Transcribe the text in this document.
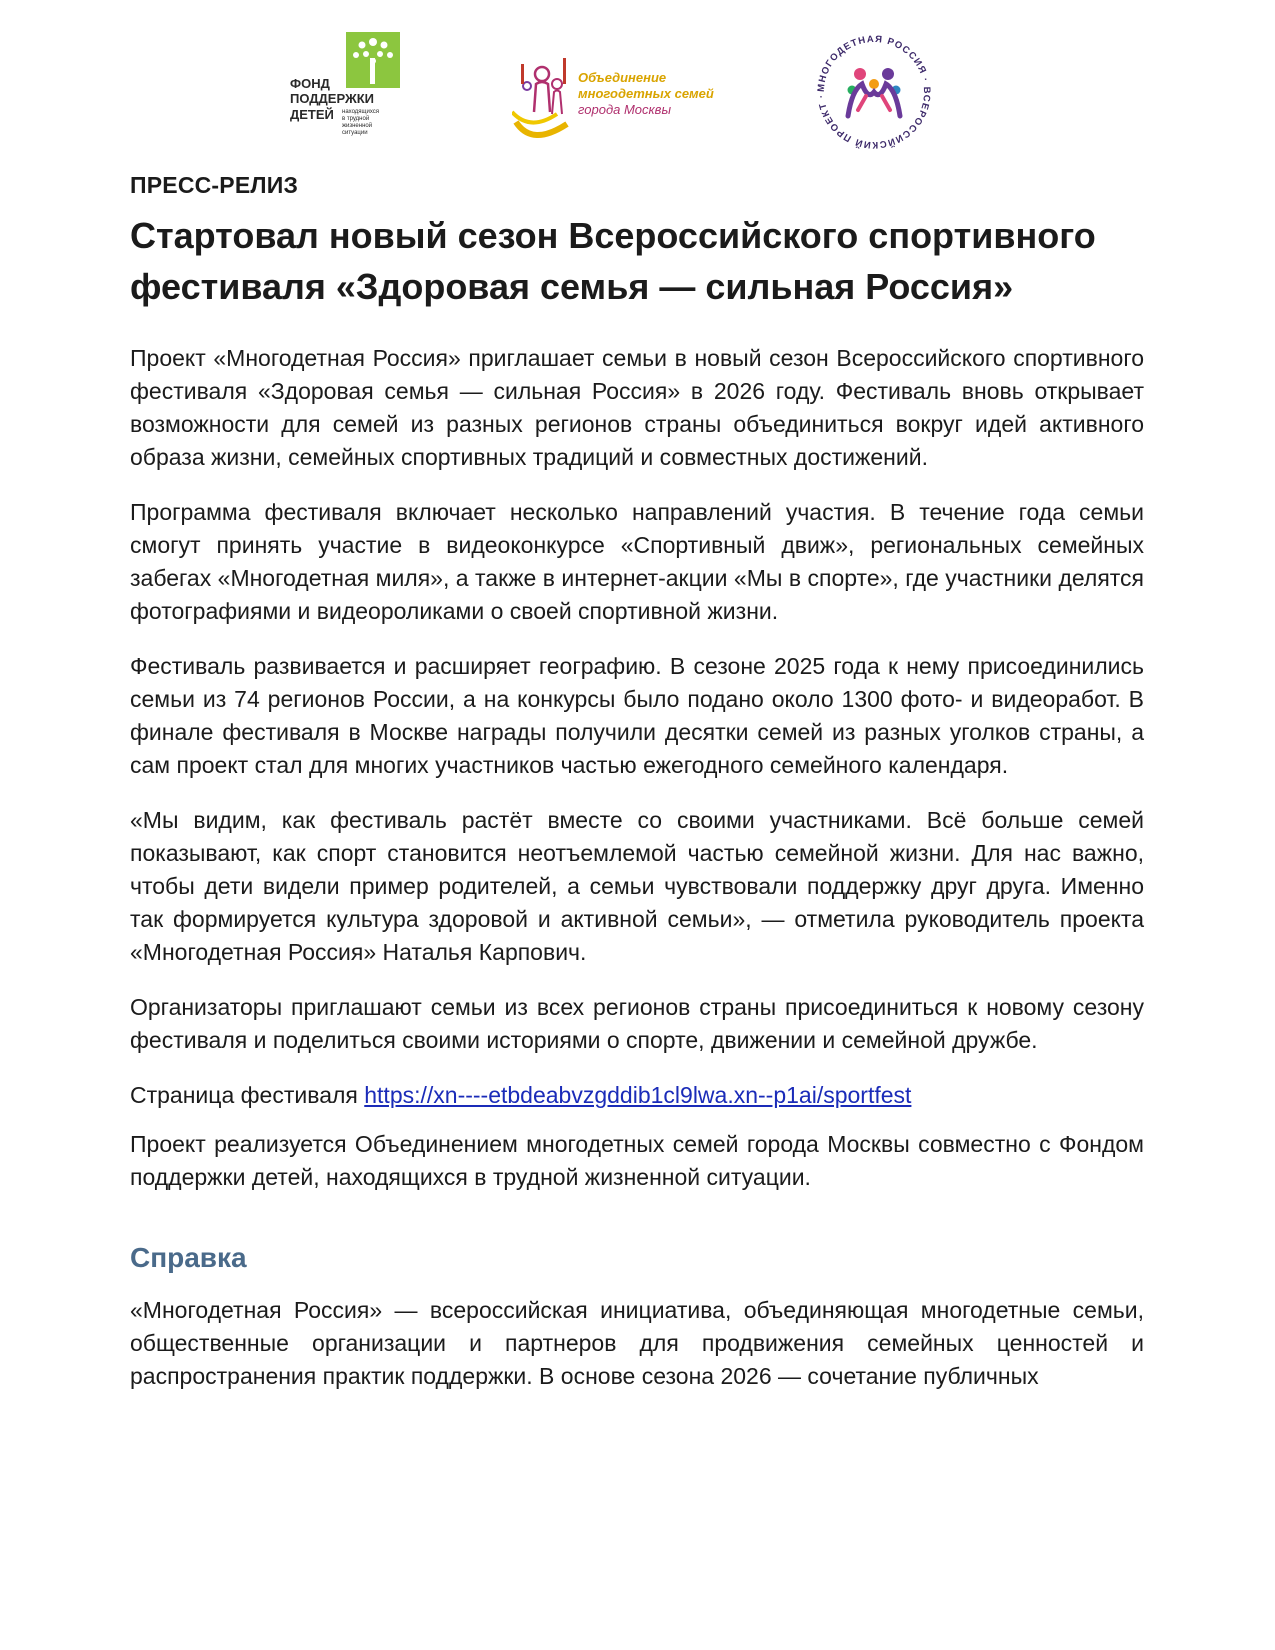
ФОНД
ПОДДЕРЖКИ
ДЕТЕЙ находящихся
в трудной
жизненной
ситуации
Объединение
многодетных семей
города Москвы
МНОГОДЕТНАЯ РОССИЯ · ВСЕРОССИЙСКИЙ ПРОЕКТ ·

ПРЕСС-РЕЛИЗ

Стартовал новый сезон Всероссийского спортивного фестиваля «Здоровая семья — сильная Россия»

Проект «Многодетная Россия» приглашает семьи в новый сезон Всероссийского спортивного фестиваля «Здоровая семья — сильная Россия» в 2026 году. Фестиваль вновь открывает возможности для семей из разных регионов страны объединиться вокруг идей активного образа жизни, семейных спортивных традиций и совместных достижений.

Программа фестиваля включает несколько направлений участия. В течение года семьи смогут принять участие в видеоконкурсе «Спортивный движ», региональных семейных забегах «Многодетная миля», а также в интернет-акции «Мы в спорте», где участники делятся фотографиями и видеороликами о своей спортивной жизни.

Фестиваль развивается и расширяет географию. В сезоне 2025 года к нему присоединились семьи из 74 регионов России, а на конкурсы было подано около 1300 фото- и видеоработ. В финале фестиваля в Москве награды получили десятки семей из разных уголков страны, а сам проект стал для многих участников частью ежегодного семейного календаря.

«Мы видим, как фестиваль растёт вместе со своими участниками. Всё больше семей показывают, как спорт становится неотъемлемой частью семейной жизни. Для нас важно, чтобы дети видели пример родителей, а семьи чувствовали поддержку друг друга. Именно так формируется культура здоровой и активной семьи», — отметила руководитель проекта «Многодетная Россия» Наталья Карпович.

Организаторы приглашают семьи из всех регионов страны присоединиться к новому сезону фестиваля и поделиться своими историями о спорте, движении и семейной дружбе.

Страница фестиваля https://xn----etbdeabvzgddib1cl9lwa.xn--p1ai/sportfest

Проект реализуется Объединением многодетных семей города Москвы совместно с Фондом поддержки детей, находящихся в трудной жизненной ситуации.

Справка

«Многодетная Россия» — всероссийская инициатива, объединяющая многодетные семьи, общественные организации и партнеров для продвижения семейных ценностей и распространения практик поддержки. В основе сезона 2026 — сочетание публичных
